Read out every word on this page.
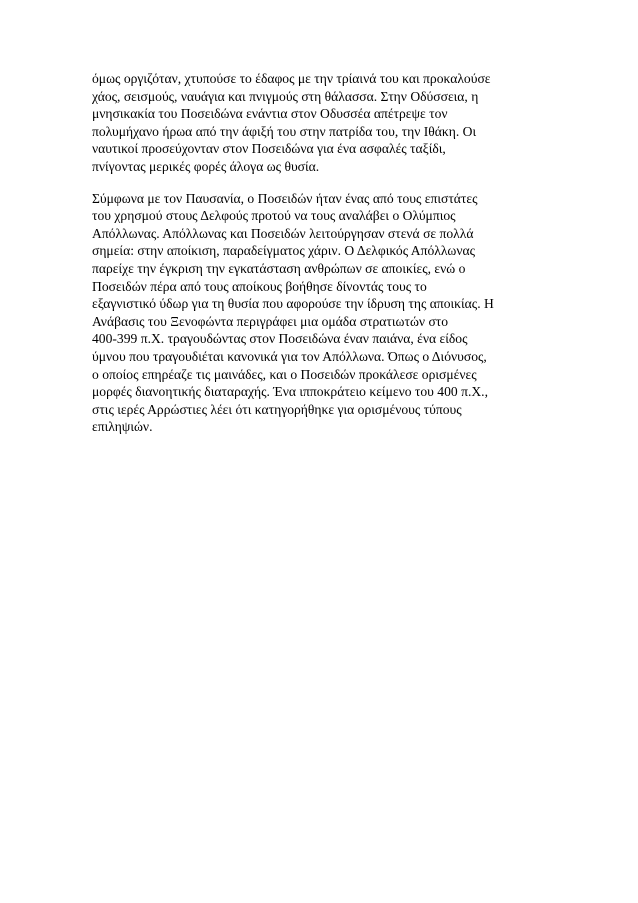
όμως οργιζόταν, χτυπούσε το έδαφος με την τρίαινά του και προκαλούσε
χάος, σεισμούς, ναυάγια και πνιγμούς στη θάλασσα. Στην Οδύσσεια, η
μνησικακία του Ποσειδώνα ενάντια στον Οδυσσέα απέτρεψε τον
πολυμήχανο ήρωα από την άφιξή του στην πατρίδα του, την Ιθάκη. Οι
ναυτικοί προσεύχονταν στον Ποσειδώνα για ένα ασφαλές ταξίδι,
πνίγοντας μερικές φορές άλογα ως θυσία.

Σύμφωνα με τον Παυσανία, ο Ποσειδών ήταν ένας από τους επιστάτες
του χρησμού στους Δελφούς προτού να τους αναλάβει ο Ολύμπιος
Απόλλωνας. Απόλλωνας και Ποσειδών λειτούργησαν στενά σε πολλά
σημεία: στην αποίκιση, παραδείγματος χάριν. Ο Δελφικός Απόλλωνας
παρείχε την έγκριση την εγκατάσταση ανθρώπων σε αποικίες, ενώ ο
Ποσειδών πέρα από τους αποίκους βοήθησε δίνοντάς τους το
εξαγνιστικό ύδωρ για τη θυσία που αφορούσε την ίδρυση της αποικίας. Η
Ανάβασις του Ξενοφώντα περιγράφει μια ομάδα στρατιωτών στο
400-399 π.Χ. τραγουδώντας στον Ποσειδώνα έναν παιάνα, ένα είδος
ύμνου που τραγουδιέται κανονικά για τον Απόλλωνα. Όπως ο Διόνυσος,
ο οποίος επηρέαζε τις μαινάδες, και ο Ποσειδών προκάλεσε ορισμένες
μορφές διανοητικής διαταραχής. Ένα ιπποκράτειο κείμενο του 400 π.Χ.,
στις ιερές Αρρώστιες λέει ότι κατηγορήθηκε για ορισμένους τύπους
επιληψιών.
